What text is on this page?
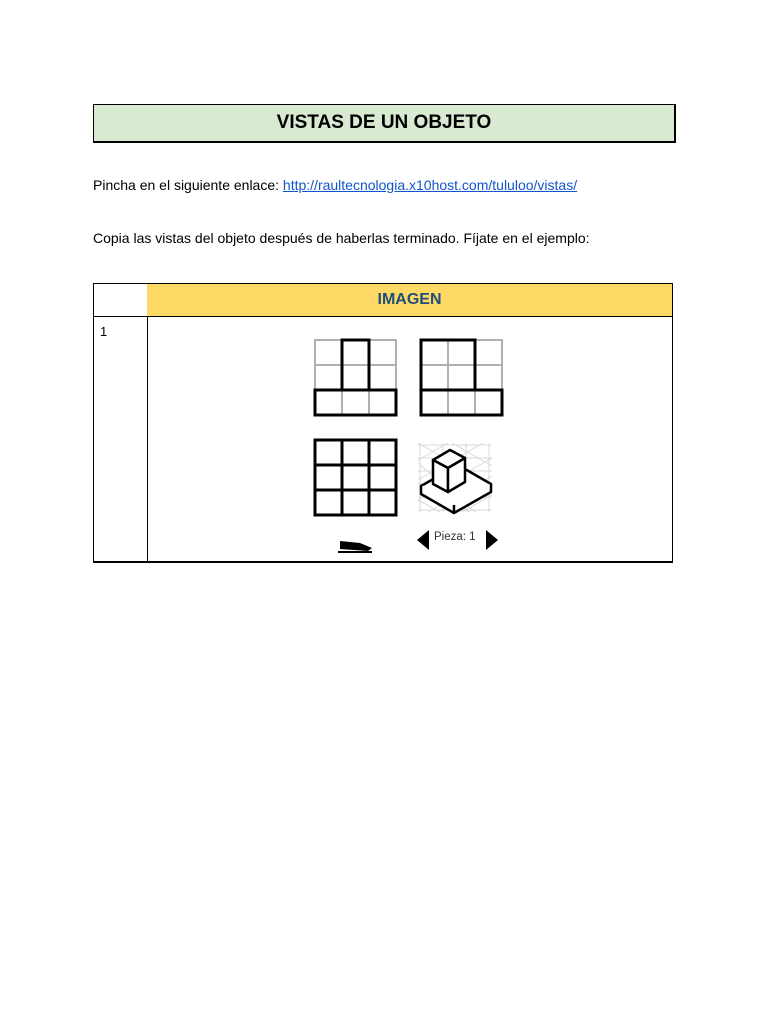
VISTAS DE UN OBJETO
Pincha en el siguiente enlace: http://raultecnologia.x10host.com/tululoo/vistas/
Copia las vistas del objeto después de haberlas terminado. Fíjate en el ejemplo:
IMAGEN
1
Pieza: 1
